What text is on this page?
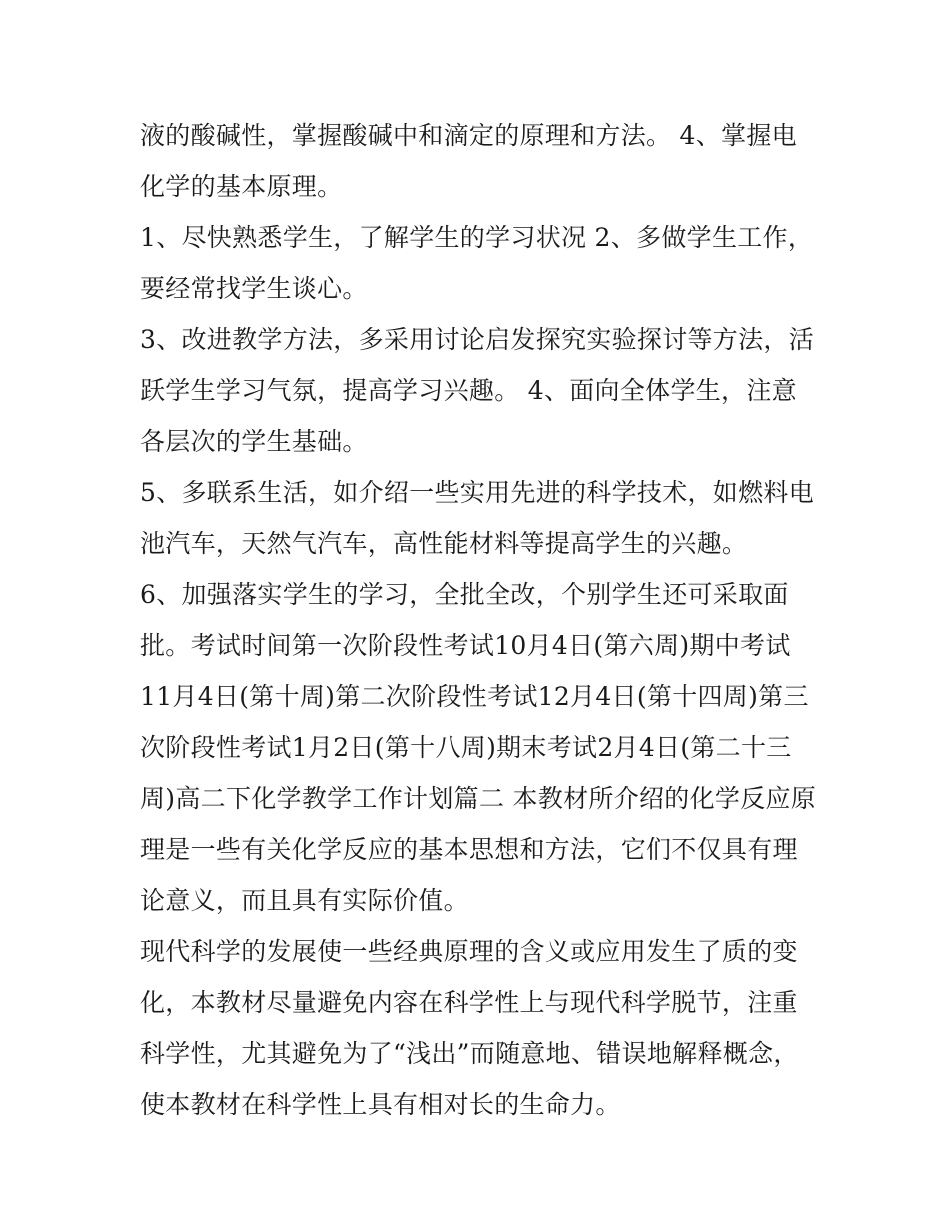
液的酸碱性，掌握酸碱中和滴定的原理和方法。 4、掌握电化学的基本原理。

1、尽快熟悉学生，了解学生的学习状况 2、多做学生工作，要经常找学生谈心。

3、改进教学方法，多采用讨论启发探究实验探讨等方法，活跃学生学习气氛，提高学习兴趣。 4、面向全体学生，注意各层次的学生基础。

5、多联系生活，如介绍一些实用先进的科学技术，如燃料电池汽车，天然气汽车，高性能材料等提高学生的兴趣。

6、加强落实学生的学习，全批全改，个别学生还可采取面批。考试时间第一次阶段性考试10月4日(第六周)期中考试11月4日(第十周)第二次阶段性考试12月4日(第十四周)第三次阶段性考试1月2日(第十八周)期末考试2月4日(第二十三周)高二下化学教学工作计划篇二 本教材所介绍的化学反应原理是一些有关化学反应的基本思想和方法，它们不仅具有理论意义，而且具有实际价值。

现代科学的发展使一些经典原理的含义或应用发生了质的变化，本教材尽量避免内容在科学性上与现代科学脱节，注重科学性，尤其避免为了“浅出”而随意地、错误地解释概念，使本教材在科学性上具有相对长的生命力。
